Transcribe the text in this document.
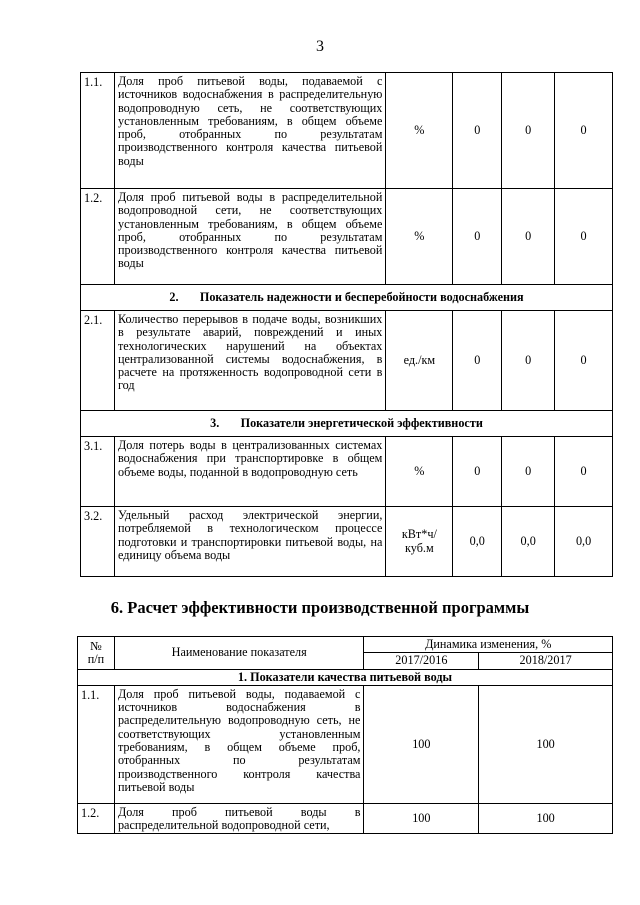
3
1.1.	Доля проб питьевой воды, подаваемой с источников водоснабжения в распределительную водопроводную сеть, не соответствующих установленным требованиям, в общем объеме проб, отобранных по результатам производственного контроля качества питьевой воды	%	0	0	0
1.2.	Доля проб питьевой воды в распределительной водопроводной сети, не соответствующих установленным требованиям, в общем объеме проб, отобранных по результатам производственного контроля качества питьевой воды	%	0	0	0
2. Показатель надежности и бесперебойности водоснабжения					
2.1.	Количество перерывов в подаче воды, возникших в результате аварий, повреждений и иных технологических нарушений на объектах централизованной системы водоснабжения, в расчете на протяженность водопроводной сети в год	ед./км	0	0	0
3. Показатели энергетической эффективности					
3.1.	Доля потерь воды в централизованных системах водоснабжения при транспортировке в общем объеме воды, поданной в водопроводную сеть	%	0	0	0
3.2.	Удельный расход электрической энергии, потребляемой в технологическом процессе подготовки и транспортировки питьевой воды, на единицу объема воды	кВт*ч/
куб.м	0,0	0,0	0,0
6. Расчет эффективности производственной программы
№
п/п	Наименование показателя	Динамика изменения, %	
		2017/2016	2018/2017
1. Показатели качества питьевой воды			
1.1.	Доля проб питьевой воды, подаваемой с источников водоснабжения в распределительную водопроводную сеть, не соответствующих установленным требованиям, в общем объеме проб, отобранных по результатам производственного контроля качества питьевой воды	100	100
1.2.	Доля проб питьевой воды в распределительной водопроводной сети,	100	100
